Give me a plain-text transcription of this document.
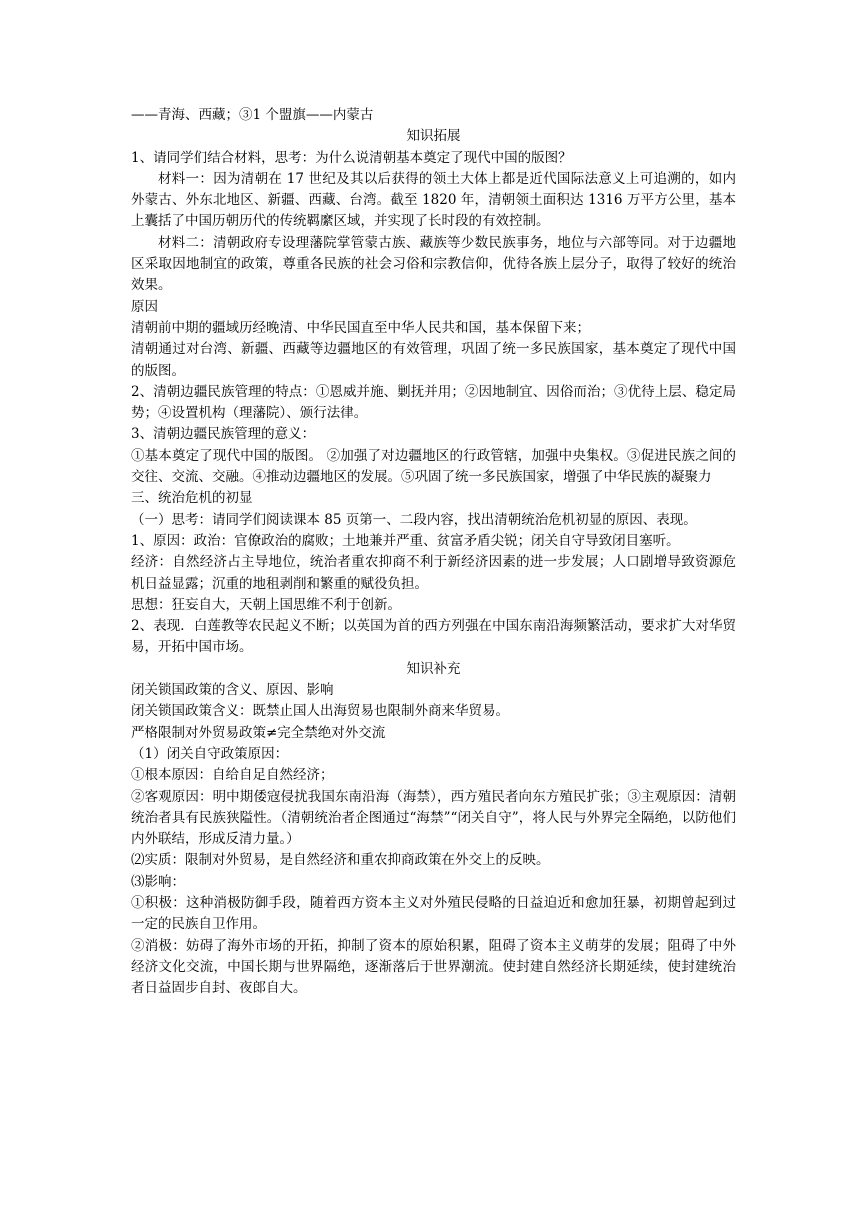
——青海、西藏；③1 个盟旗——内蒙古

知识拓展

1、请同学们结合材料，思考：为什么说清朝基本奠定了现代中国的版图？

材料一：因为清朝在 17 世纪及其以后获得的领土大体上都是近代国际法意义上可追溯的，如内外蒙古、外东北地区、新疆、西藏、台湾。截至 1820 年，清朝领土面积达 1316 万平方公里，基本上囊括了中国历朝历代的传统羁縻区域，并实现了长时段的有效控制。

材料二：清朝政府专设理藩院掌管蒙古族、藏族等少数民族事务，地位与六部等同。对于边疆地区采取因地制宜的政策，尊重各民族的社会习俗和宗教信仰，优待各族上层分子，取得了较好的统治效果。

原因

清朝前中期的疆域历经晚清、中华民国直至中华人民共和国，基本保留下来；

清朝通过对台湾、新疆、西藏等边疆地区的有效管理，巩固了统一多民族国家，基本奠定了现代中国的版图。

2、清朝边疆民族管理的特点：①恩威并施、剿抚并用；②因地制宜、因俗而治；③优待上层、稳定局势；④设置机构（理藩院）、颁行法律。

3、清朝边疆民族管理的意义：

①基本奠定了现代中国的版图。 ②加强了对边疆地区的行政管辖，加强中央集权。③促进民族之间的交往、交流、交融。④推动边疆地区的发展。⑤巩固了统一多民族国家，增强了中华民族的凝聚力

三、统治危机的初显

（一）思考：请同学们阅读课本 85 页第一、二段内容，找出清朝统治危机初显的原因、表现。

1、原因：政治：官僚政治的腐败；土地兼并严重、贫富矛盾尖锐；闭关自守导致闭目塞听。

经济：自然经济占主导地位，统治者重农抑商不利于新经济因素的进一步发展；人口剧增导致资源危机日益显露；沉重的地租剥削和繁重的赋役负担。

思想：狂妄自大，天朝上国思维不利于创新。

2、表现．白莲教等农民起义不断；以英国为首的西方列强在中国东南沿海频繁活动，要求扩大对华贸易，开拓中国市场。

知识补充

闭关锁国政策的含义、原因、影响

闭关锁国政策含义：既禁止国人出海贸易也限制外商来华贸易。

严格限制对外贸易政策≠完全禁绝对外交流

（1）闭关自守政策原因：

①根本原因：自给自足自然经济；

②客观原因：明中期倭寇侵扰我国东南沿海（海禁），西方殖民者向东方殖民扩张；③主观原因：清朝统治者具有民族狭隘性。（清朝统治者企图通过“海禁”“闭关自守”，将人民与外界完全隔绝，以防他们内外联结，形成反清力量。）

⑵实质：限制对外贸易，是自然经济和重农抑商政策在外交上的反映。

⑶影响：

①积极：这种消极防御手段，随着西方资本主义对外殖民侵略的日益迫近和愈加狂暴，初期曾起到过一定的民族自卫作用。

②消极：妨碍了海外市场的开拓，抑制了资本的原始积累，阻碍了资本主义萌芽的发展；阻碍了中外经济文化交流，中国长期与世界隔绝，逐渐落后于世界潮流。使封建自然经济长期延续，使封建统治者日益固步自封、夜郎自大。
